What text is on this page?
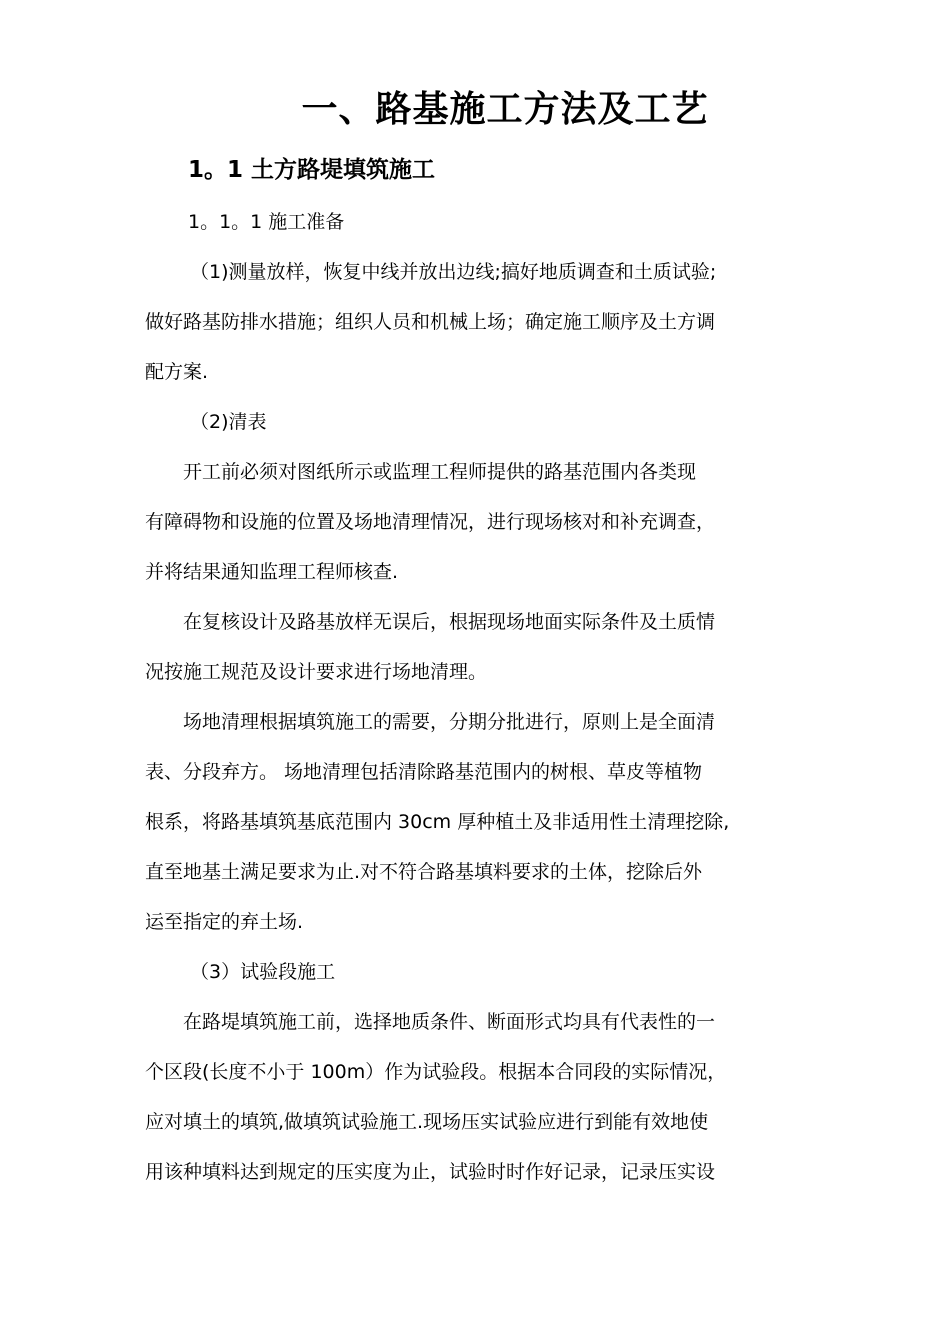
一、路基施工方法及工艺
1。1 土方路堤填筑施工
1。1。1 施工准备
（1)测量放样，恢复中线并放出边线;搞好地质调查和土质试验;
做好路基防排水措施；组织人员和机械上场；确定施工顺序及土方调
配方案.
（2)清表
开工前必须对图纸所示或监理工程师提供的路基范围内各类现
有障碍物和设施的位置及场地清理情况，进行现场核对和补充调查，
并将结果通知监理工程师核查.
在复核设计及路基放样无误后，根据现场地面实际条件及土质情
况按施工规范及设计要求进行场地清理。
场地清理根据填筑施工的需要，分期分批进行，原则上是全面清
表、分段弃方。 场地清理包括清除路基范围内的树根、草皮等植物
根系，将路基填筑基底范围内 30cm 厚种植土及非适用性土清理挖除,
直至地基土满足要求为止.对不符合路基填料要求的土体，挖除后外
运至指定的弃土场.
（3）试验段施工
在路堤填筑施工前，选择地质条件、断面形式均具有代表性的一
个区段(长度不小于 100m）作为试验段。根据本合同段的实际情况，
应对填土的填筑,做填筑试验施工.现场压实试验应进行到能有效地使
用该种填料达到规定的压实度为止，试验时时作好记录，记录压实设
